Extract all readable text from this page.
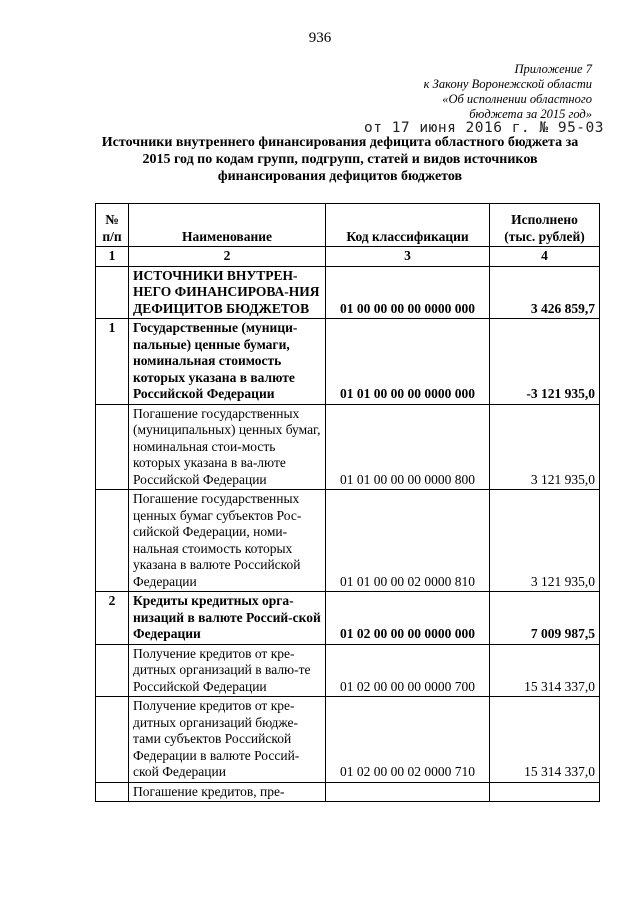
936
Приложение 7
к Закону Воронежской области
«Об исполнении областного
бюджета за 2015 год»
от 17 июня 2016 г. № 95-03
Источники внутреннего финансирования дефицита областного бюджета за 2015 год по кодам групп, подгрупп, статей и видов источников финансирования дефицитов бюджетов
№ п/п	Наименование	Код классификации	Исполнено (тыс. рублей)
1	2	3	4
	ИСТОЧНИКИ ВНУТРЕН-НЕГО ФИНАНСИРОВА-НИЯ ДЕФИЦИТОВ БЮДЖЕТОВ	01 00 00 00 00 0000 000	3 426 859,7
1	Государственные (муници-пальные) ценные бумаги, номинальная стоимость которых указана в валюте Российской Федерации	01 01 00 00 00 0000 000	-3 121 935,0
	Погашение государственных (муниципальных) ценных бумаг, номинальная стои-мость которых указана в ва-люте Российской Федерации	01 01 00 00 00 0000 800	3 121 935,0
	Погашение государственных ценных бумаг субъектов Рос-сийской Федерации, номи-нальная стоимость которых указана в валюте Российской Федерации	01 01 00 00 02 0000 810	3 121 935,0
2	Кредиты кредитных орга-низаций в валюте Россий-ской Федерации	01 02 00 00 00 0000 000	7 009 987,5
	Получение кредитов от кре-дитных организаций в валю-те Российской Федерации	01 02 00 00 00 0000 700	15 314 337,0
	Получение кредитов от кре-дитных организаций бюдже-тами субъектов Российской Федерации в валюте Россий-ской Федерации	01 02 00 00 02 0000 710	15 314 337,0
	Погашение кредитов, пре-		
